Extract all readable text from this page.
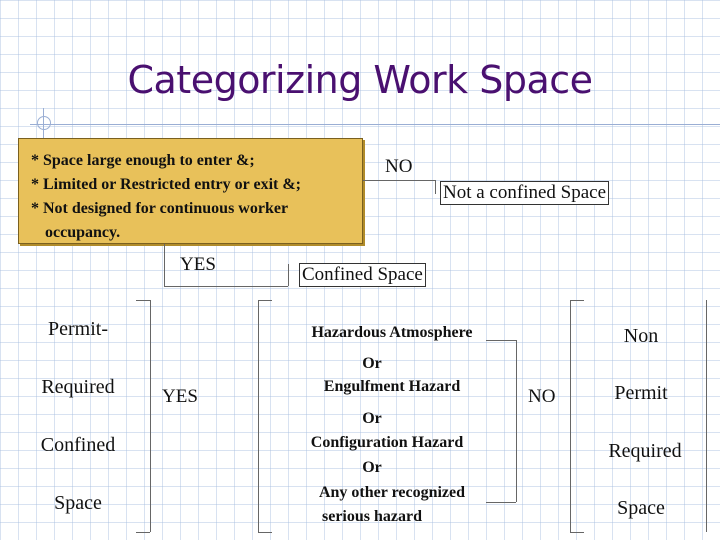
Categorizing Work Space
* Space large enough to enter &;
* Limited or Restricted entry or exit &;
* Not designed for continuous worker
occupancy.
NO
Not a confined Space
YES	Confined Space
Permit-
Required
Confined
Space
YES
Hazardous Atmosphere
Or
Engulfment Hazard
Or
Configuration Hazard
Or
Any other recognized
serious hazard
NO
Non
Permit
Required
Space
